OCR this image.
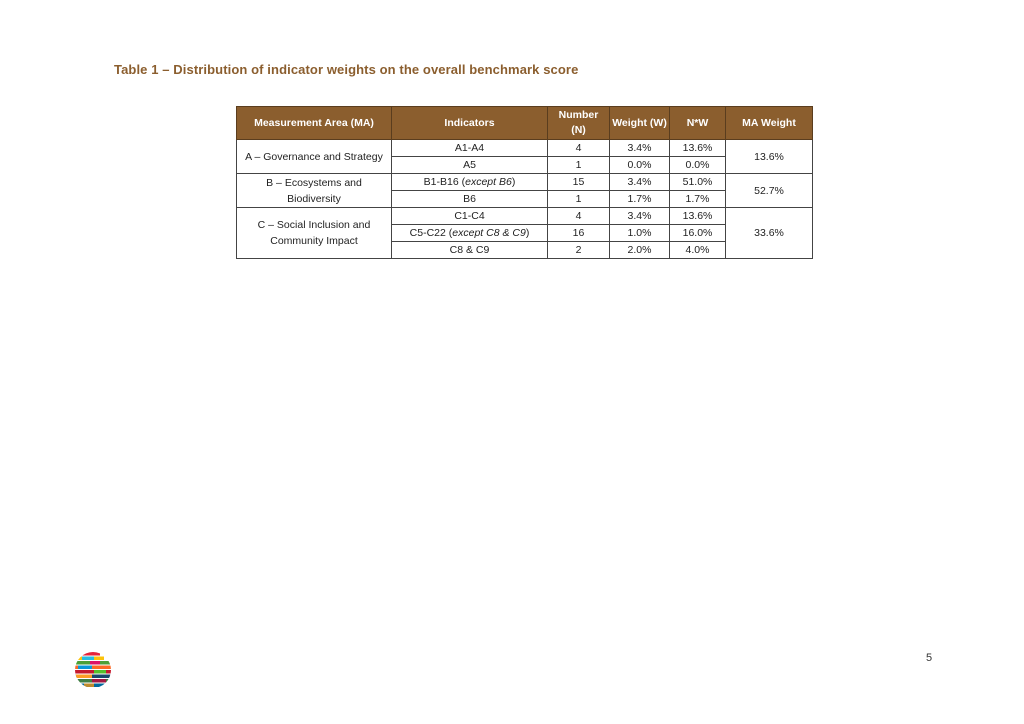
Table 1 – Distribution of indicator weights on the overall benchmark score
Measurement Area (MA)	Indicators	Number (N)	Weight (W)	N*W	MA Weight
A – Governance and Strategy	A1-A4	4	3.4%	13.6%	13.6%
	A5	1	0.0%	0.0%	
B – Ecosystems and Biodiversity	B1-B16 (except B6)	15	3.4%	51.0%	52.7%
	B6	1	1.7%	1.7%	
C – Social Inclusion and Community Impact	C1-C4	4	3.4%	13.6%	33.6%
	C5-C22 (except C8 & C9)	16	1.0%	16.0%	
	C8 & C9	2	2.0%	4.0%	
5
